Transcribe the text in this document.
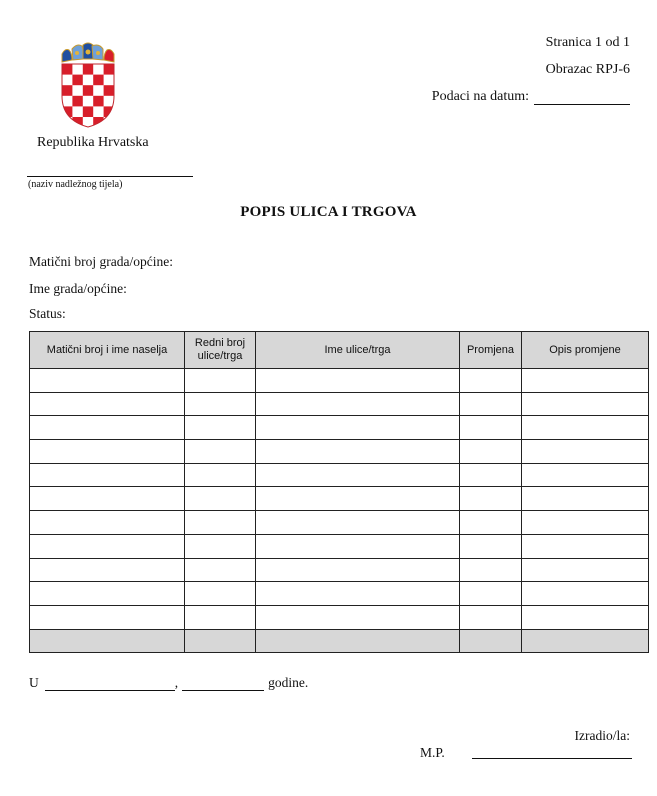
Stranica 1 od 1
Obrazac RPJ-6
Podaci na datum:
Republika Hrvatska
(naziv nadležnog tijela)
POPIS ULICA I TRGOVA
Matični broj grada/općine:
Ime grada/općine:
Status:
Matični broj i ime naselja	Redni broj ulice/trga	Ime ulice/trga	Promjena	Opis promjene

U	,	godine.
Izradio/la:
M.P.
